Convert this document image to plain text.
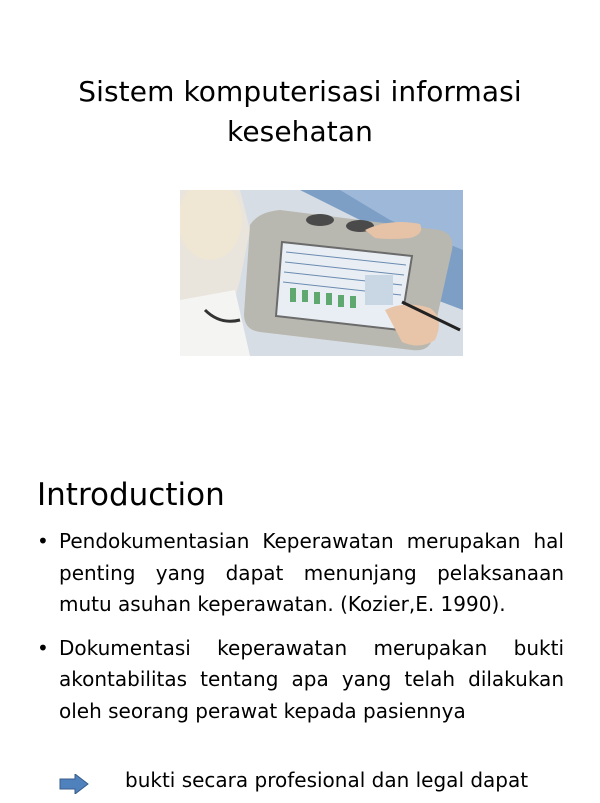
Sistem komputerisasi informasi
kesehatan
Introduction
• Pendokumentasian Keperawatan merupakan hal penting yang dapat menunjang pelaksanaan mutu asuhan keperawatan. (Kozier,E. 1990).
• Dokumentasi keperawatan merupakan bukti akontabilitas tentang apa yang telah dilakukan oleh seorang perawat kepada pasiennya
bukti secara profesional dan legal dapat
